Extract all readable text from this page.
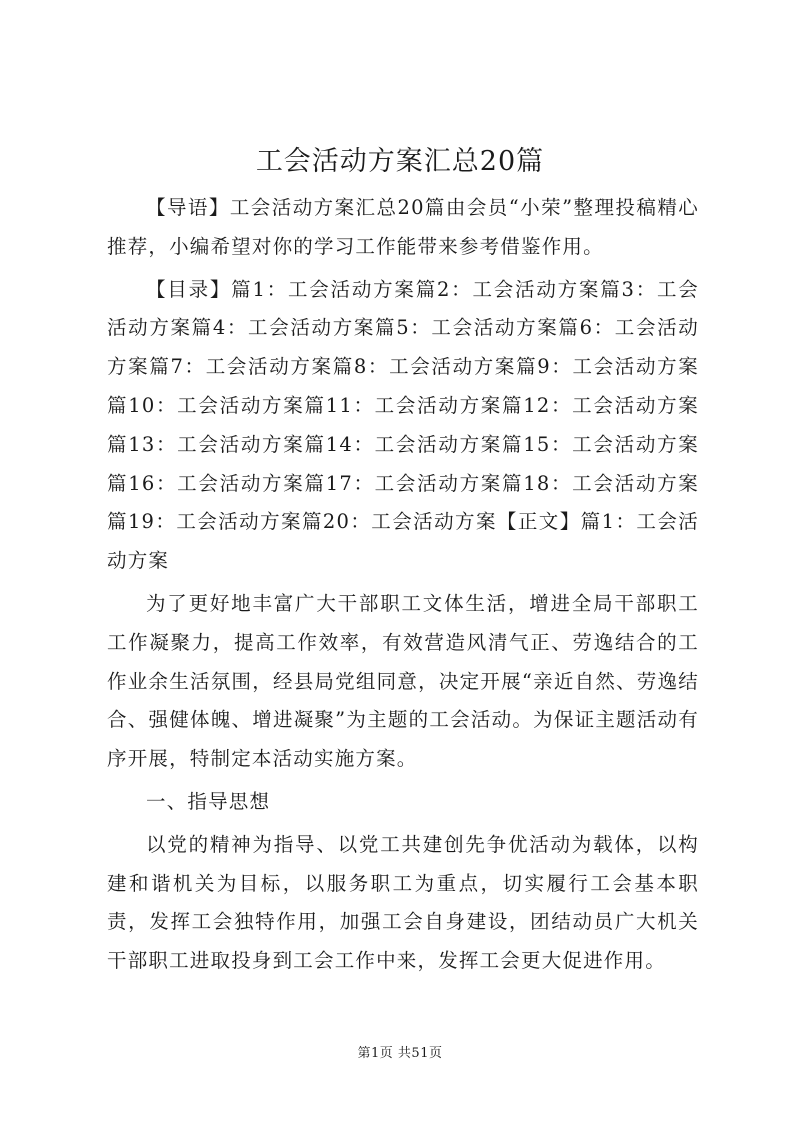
工会活动方案汇总20篇

【导语】工会活动方案汇总20篇由会员“小荣”整理投稿精心推荐，小编希望对你的学习工作能带来参考借鉴作用。

【目录】篇1：工会活动方案篇2：工会活动方案篇3：工会活动方案篇4：工会活动方案篇5：工会活动方案篇6：工会活动方案篇7：工会活动方案篇8：工会活动方案篇9：工会活动方案篇10：工会活动方案篇11：工会活动方案篇12：工会活动方案篇13：工会活动方案篇14：工会活动方案篇15：工会活动方案篇16：工会活动方案篇17：工会活动方案篇18：工会活动方案篇19：工会活动方案篇20：工会活动方案【正文】篇1：工会活动方案

为了更好地丰富广大干部职工文体生活，增进全局干部职工工作凝聚力，提高工作效率，有效营造风清气正、劳逸结合的工作业余生活氛围，经县局党组同意，决定开展“亲近自然、劳逸结合、强健体魄、增进凝聚”为主题的工会活动。为保证主题活动有序开展，特制定本活动实施方案。

一、指导思想

以党的精神为指导、以党工共建创先争优活动为载体，以构建和谐机关为目标，以服务职工为重点，切实履行工会基本职责，发挥工会独特作用，加强工会自身建设，团结动员广大机关干部职工进取投身到工会工作中来，发挥工会更大促进作用。

第1页 共51页
